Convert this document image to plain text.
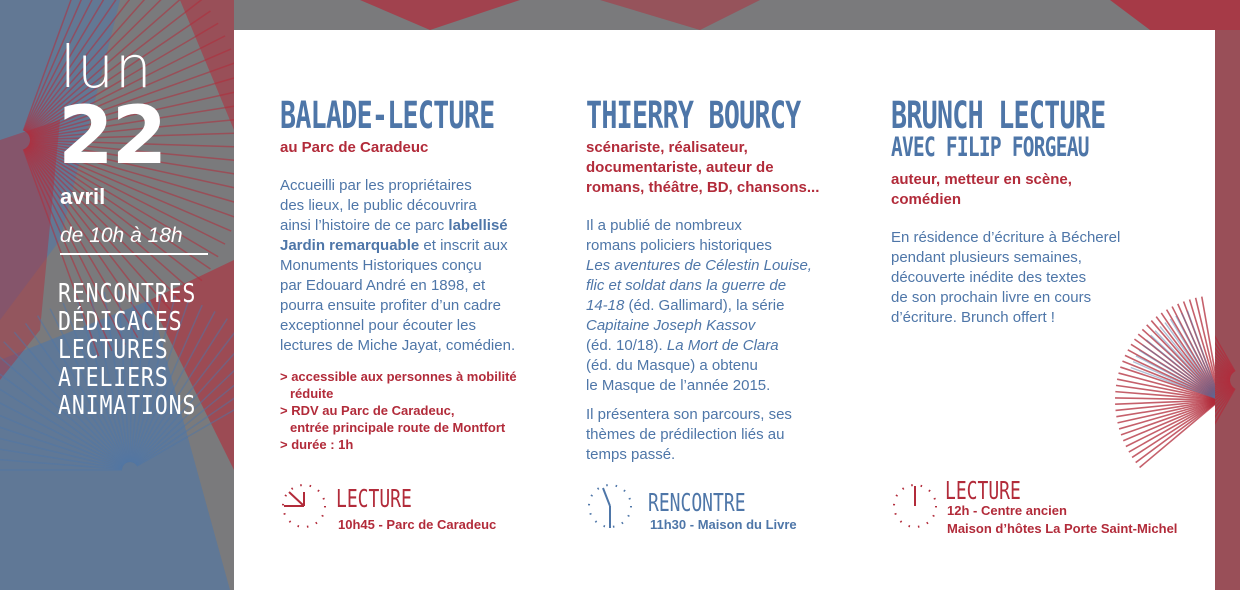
lun
22
avril
de 10h à 18h
RENCONTRES
DÉDICACES
LECTURES
ATELIERS
ANIMATIONS
BALADE-LECTURE

au Parc de Caradeuc

Accueilli par les propriétaires
des lieux, le public découvrira
ainsi l’histoire de ce parc labellisé
Jardin remarquable et inscrit aux
Monuments Historiques conçu
par Edouard André en 1898, et
pourra ensuite profiter d’un cadre
exceptionnel pour écouter les
lectures de Miche Jayat, comédien.

> accessible aux personnes à mobilité
réduite
> RDV au Parc de Caradeuc,
entrée principale route de Montfort
> durée : 1h

LECTURE
10h45 - Parc de Caradeuc
THIERRY BOURCY

scénariste, réalisateur,
documentariste, auteur de
romans, théâtre, BD, chansons...

Il a publié de nombreux
romans policiers historiques
Les aventures de Célestin Louise,
flic et soldat dans la guerre de
14-18 (éd. Gallimard), la série
Capitaine Joseph Kassov
(éd. 10/18). La Mort de Clara
(éd. du Masque) a obtenu
le Masque de l’année 2015.

Il présentera son parcours, ses
thèmes de prédilection liés au
temps passé.

RENCONTRE
11h30 - Maison du Livre
BRUNCH LECTURE
AVEC FILIP FORGEAU

auteur, metteur en scène,
comédien

En résidence d’écriture à Bécherel
pendant plusieurs semaines,
découverte inédite des textes
de son prochain livre en cours
d’écriture. Brunch offert !

LECTURE
12h - Centre ancien
Maison d’hôtes La Porte Saint-Michel
